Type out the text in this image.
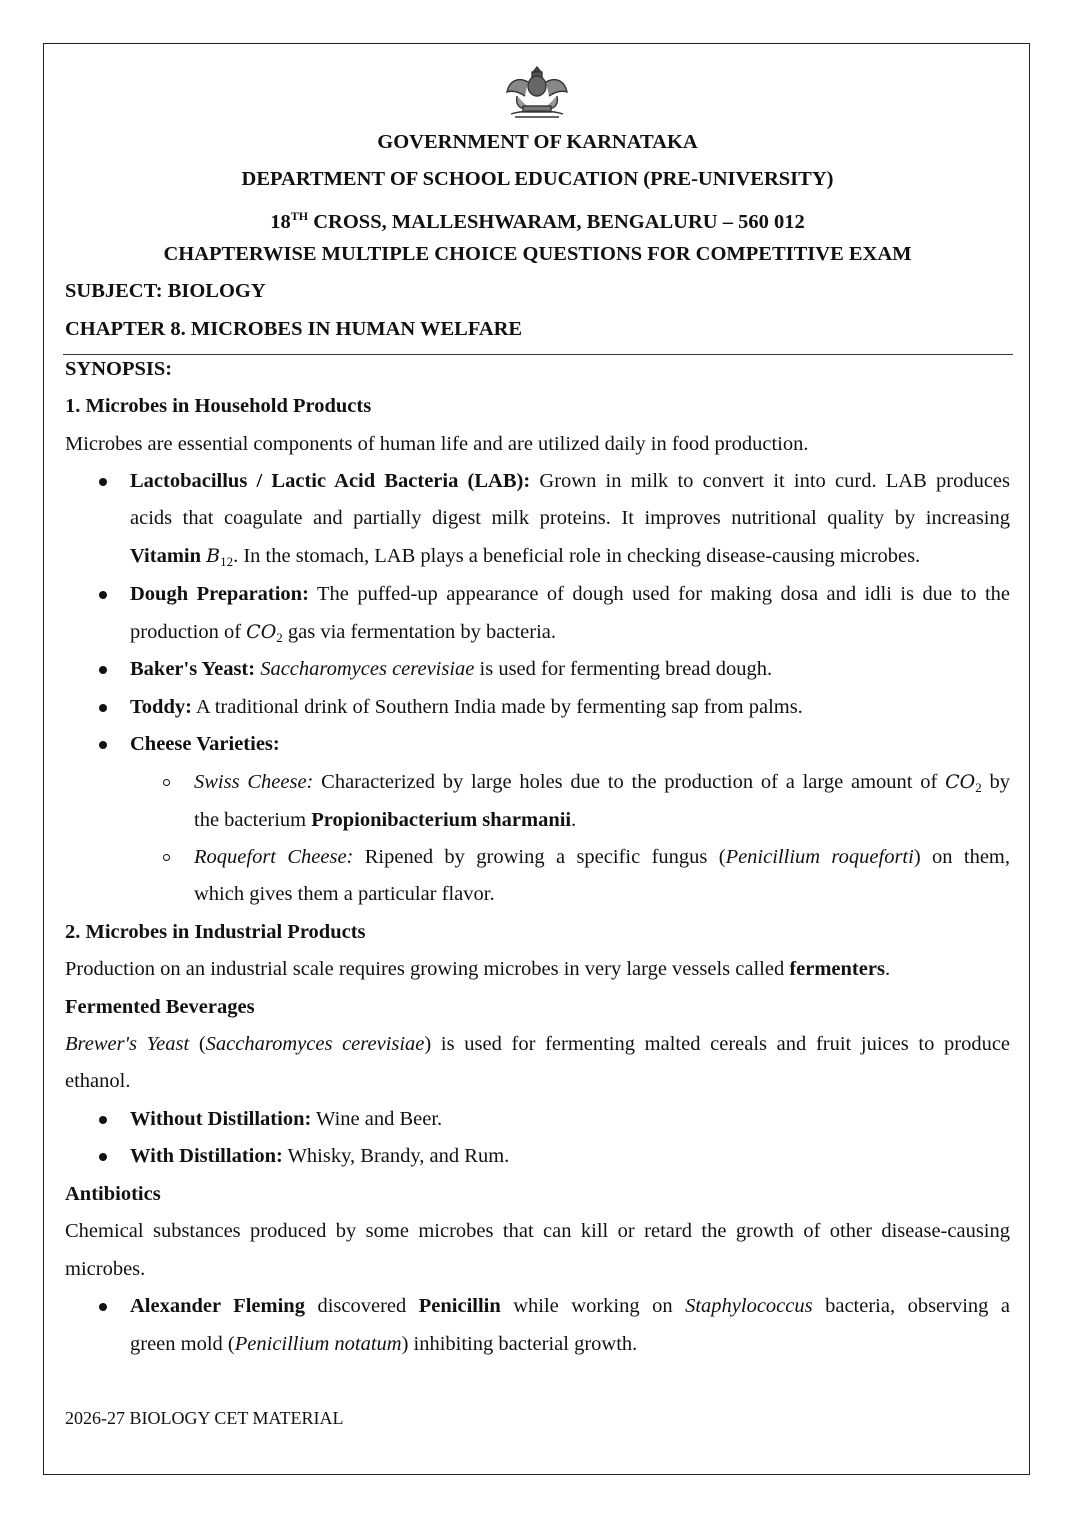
GOVERNMENT OF KARNATAKA
DEPARTMENT OF SCHOOL EDUCATION (PRE-UNIVERSITY)
18TH CROSS, MALLESHWARAM, BENGALURU – 560 012
CHAPTERWISE MULTIPLE CHOICE QUESTIONS FOR COMPETITIVE EXAM
SUBJECT: BIOLOGY
CHAPTER 8. MICROBES IN HUMAN WELFARE
SYNOPSIS:
1. Microbes in Household Products
Microbes are essential components of human life and are utilized daily in food production.
Lactobacillus / Lactic Acid Bacteria (LAB): Grown in milk to convert it into curd. LAB produces
acids that coagulate and partially digest milk proteins. It improves nutritional quality by increasing
Vitamin $B_{12}$. In the stomach, LAB plays a beneficial role in checking disease-causing microbes.
Dough Preparation: The puffed-up appearance of dough used for making dosa and idli is due to the
production of $CO_2$ gas via fermentation by bacteria.
Baker's Yeast: Saccharomyces cerevisiae is used for fermenting bread dough.
Toddy: A traditional drink of Southern India made by fermenting sap from palms.
Cheese Varieties:
Swiss Cheese: Characterized by large holes due to the production of a large amount of $CO_2$ by
the bacterium Propionibacterium sharmanii.
Roquefort Cheese: Ripened by growing a specific fungus (Penicillium roqueforti) on them,
which gives them a particular flavor.
2. Microbes in Industrial Products
Production on an industrial scale requires growing microbes in very large vessels called fermenters.
Fermented Beverages
Brewer's Yeast (Saccharomyces cerevisiae) is used for fermenting malted cereals and fruit juices to produce
ethanol.
Without Distillation: Wine and Beer.
With Distillation: Whisky, Brandy, and Rum.
Antibiotics
Chemical substances produced by some microbes that can kill or retard the growth of other disease-causing
microbes.
Alexander Fleming discovered Penicillin while working on Staphylococcus bacteria, observing a
green mold (Penicillium notatum) inhibiting bacterial growth.
2026-27 BIOLOGY CET MATERIAL
